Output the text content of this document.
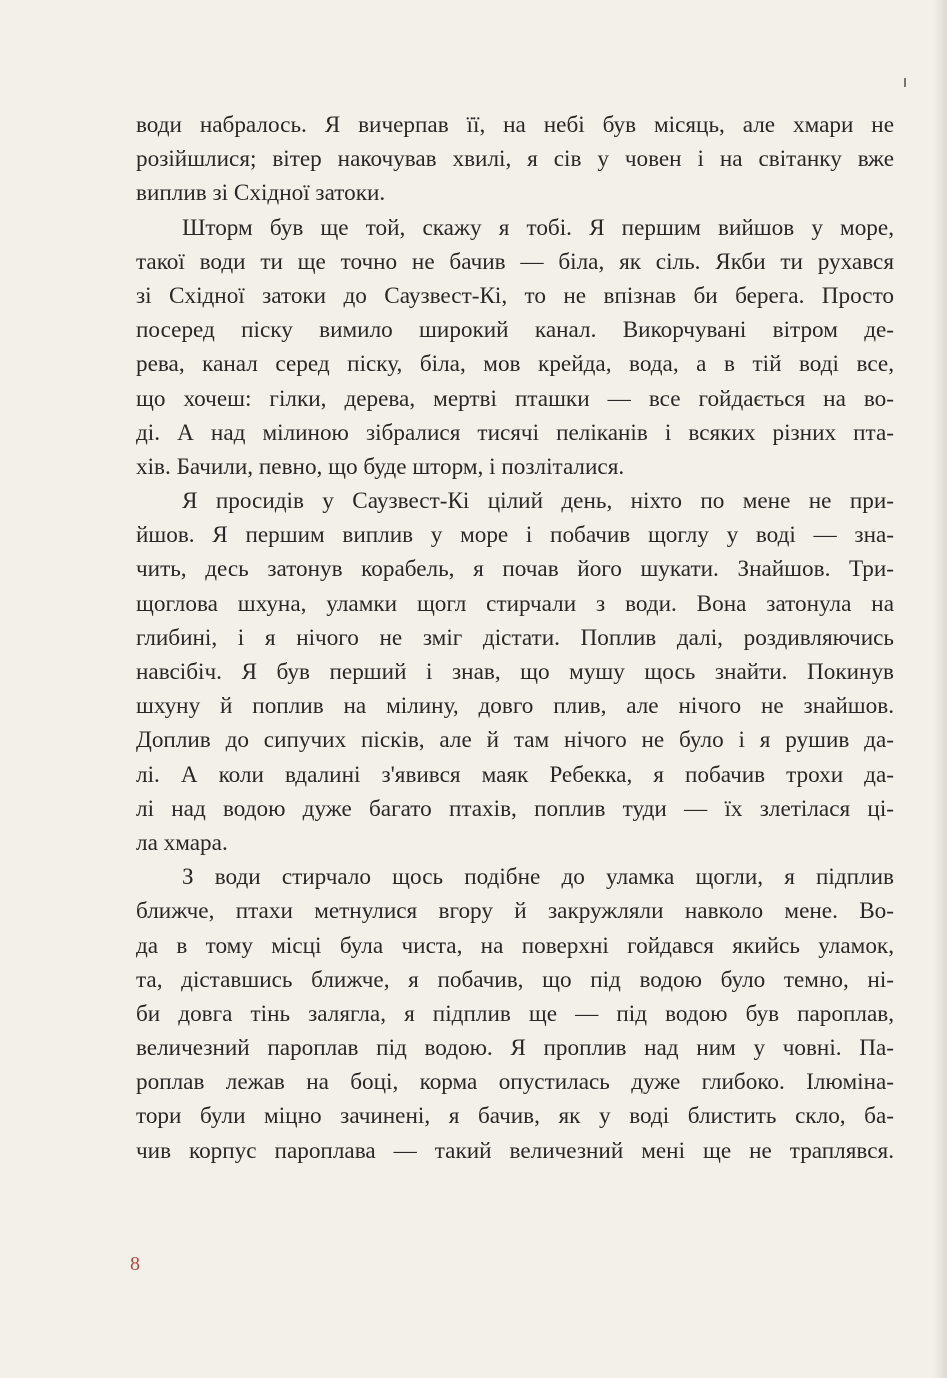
води набралось. Я вичерпав її, на небі був місяць, але хмари не
розійшлися; вітер накочував хвилі, я сів у човен і на світанку вже
виплив зі Східної затоки.
Шторм був ще той, скажу я тобі. Я першим вийшов у море,
такої води ти ще точно не бачив — біла, як сіль. Якби ти рухався
зі Східної затоки до Саузвест-Кі, то не впізнав би берега. Просто
посеред піску вимило широкий канал. Викорчувані вітром де-
рева, канал серед піску, біла, мов крейда, вода, а в тій воді все,
що хочеш: гілки, дерева, мертві пташки — все гойдається на во-
ді. А над мілиною зібралися тисячі пеліканів і всяких різних пта-
хів. Бачили, певно, що буде шторм, і позліталися.
Я просидів у Саузвест-Кі цілий день, ніхто по мене не при-
йшов. Я першим виплив у море і побачив щоглу у воді — зна-
чить, десь затонув корабель, я почав його шукати. Знайшов. Три-
щоглова шхуна, уламки щогл стирчали з води. Вона затонула на
глибині, і я нічого не зміг дістати. Поплив далі, роздивляючись
навсібіч. Я був перший і знав, що мушу щось знайти. Покинув
шхуну й поплив на мілину, довго плив, але нічого не знайшов.
Доплив до сипучих пісків, але й там нічого не було і я рушив да-
лі. А коли вдалині з'явився маяк Ребекка, я побачив трохи да-
лі над водою дуже багато птахів, поплив туди — їх злетілася ці-
ла хмара.
З води стирчало щось подібне до уламка щогли, я підплив
ближче, птахи метнулися вгору й закружляли навколо мене. Во-
да в тому місці була чиста, на поверхні гойдався якийсь уламок,
та, діставшись ближче, я побачив, що під водою було темно, ні-
би довга тінь залягла, я підплив ще — під водою був пароплав,
величезний пароплав під водою. Я проплив над ним у човні. Па-
роплав лежав на боці, корма опустилась дуже глибоко. Ілюміна-
тори були міцно зачинені, я бачив, як у воді блистить скло, ба-
чив корпус пароплава — такий величезний мені ще не траплявся.
8
